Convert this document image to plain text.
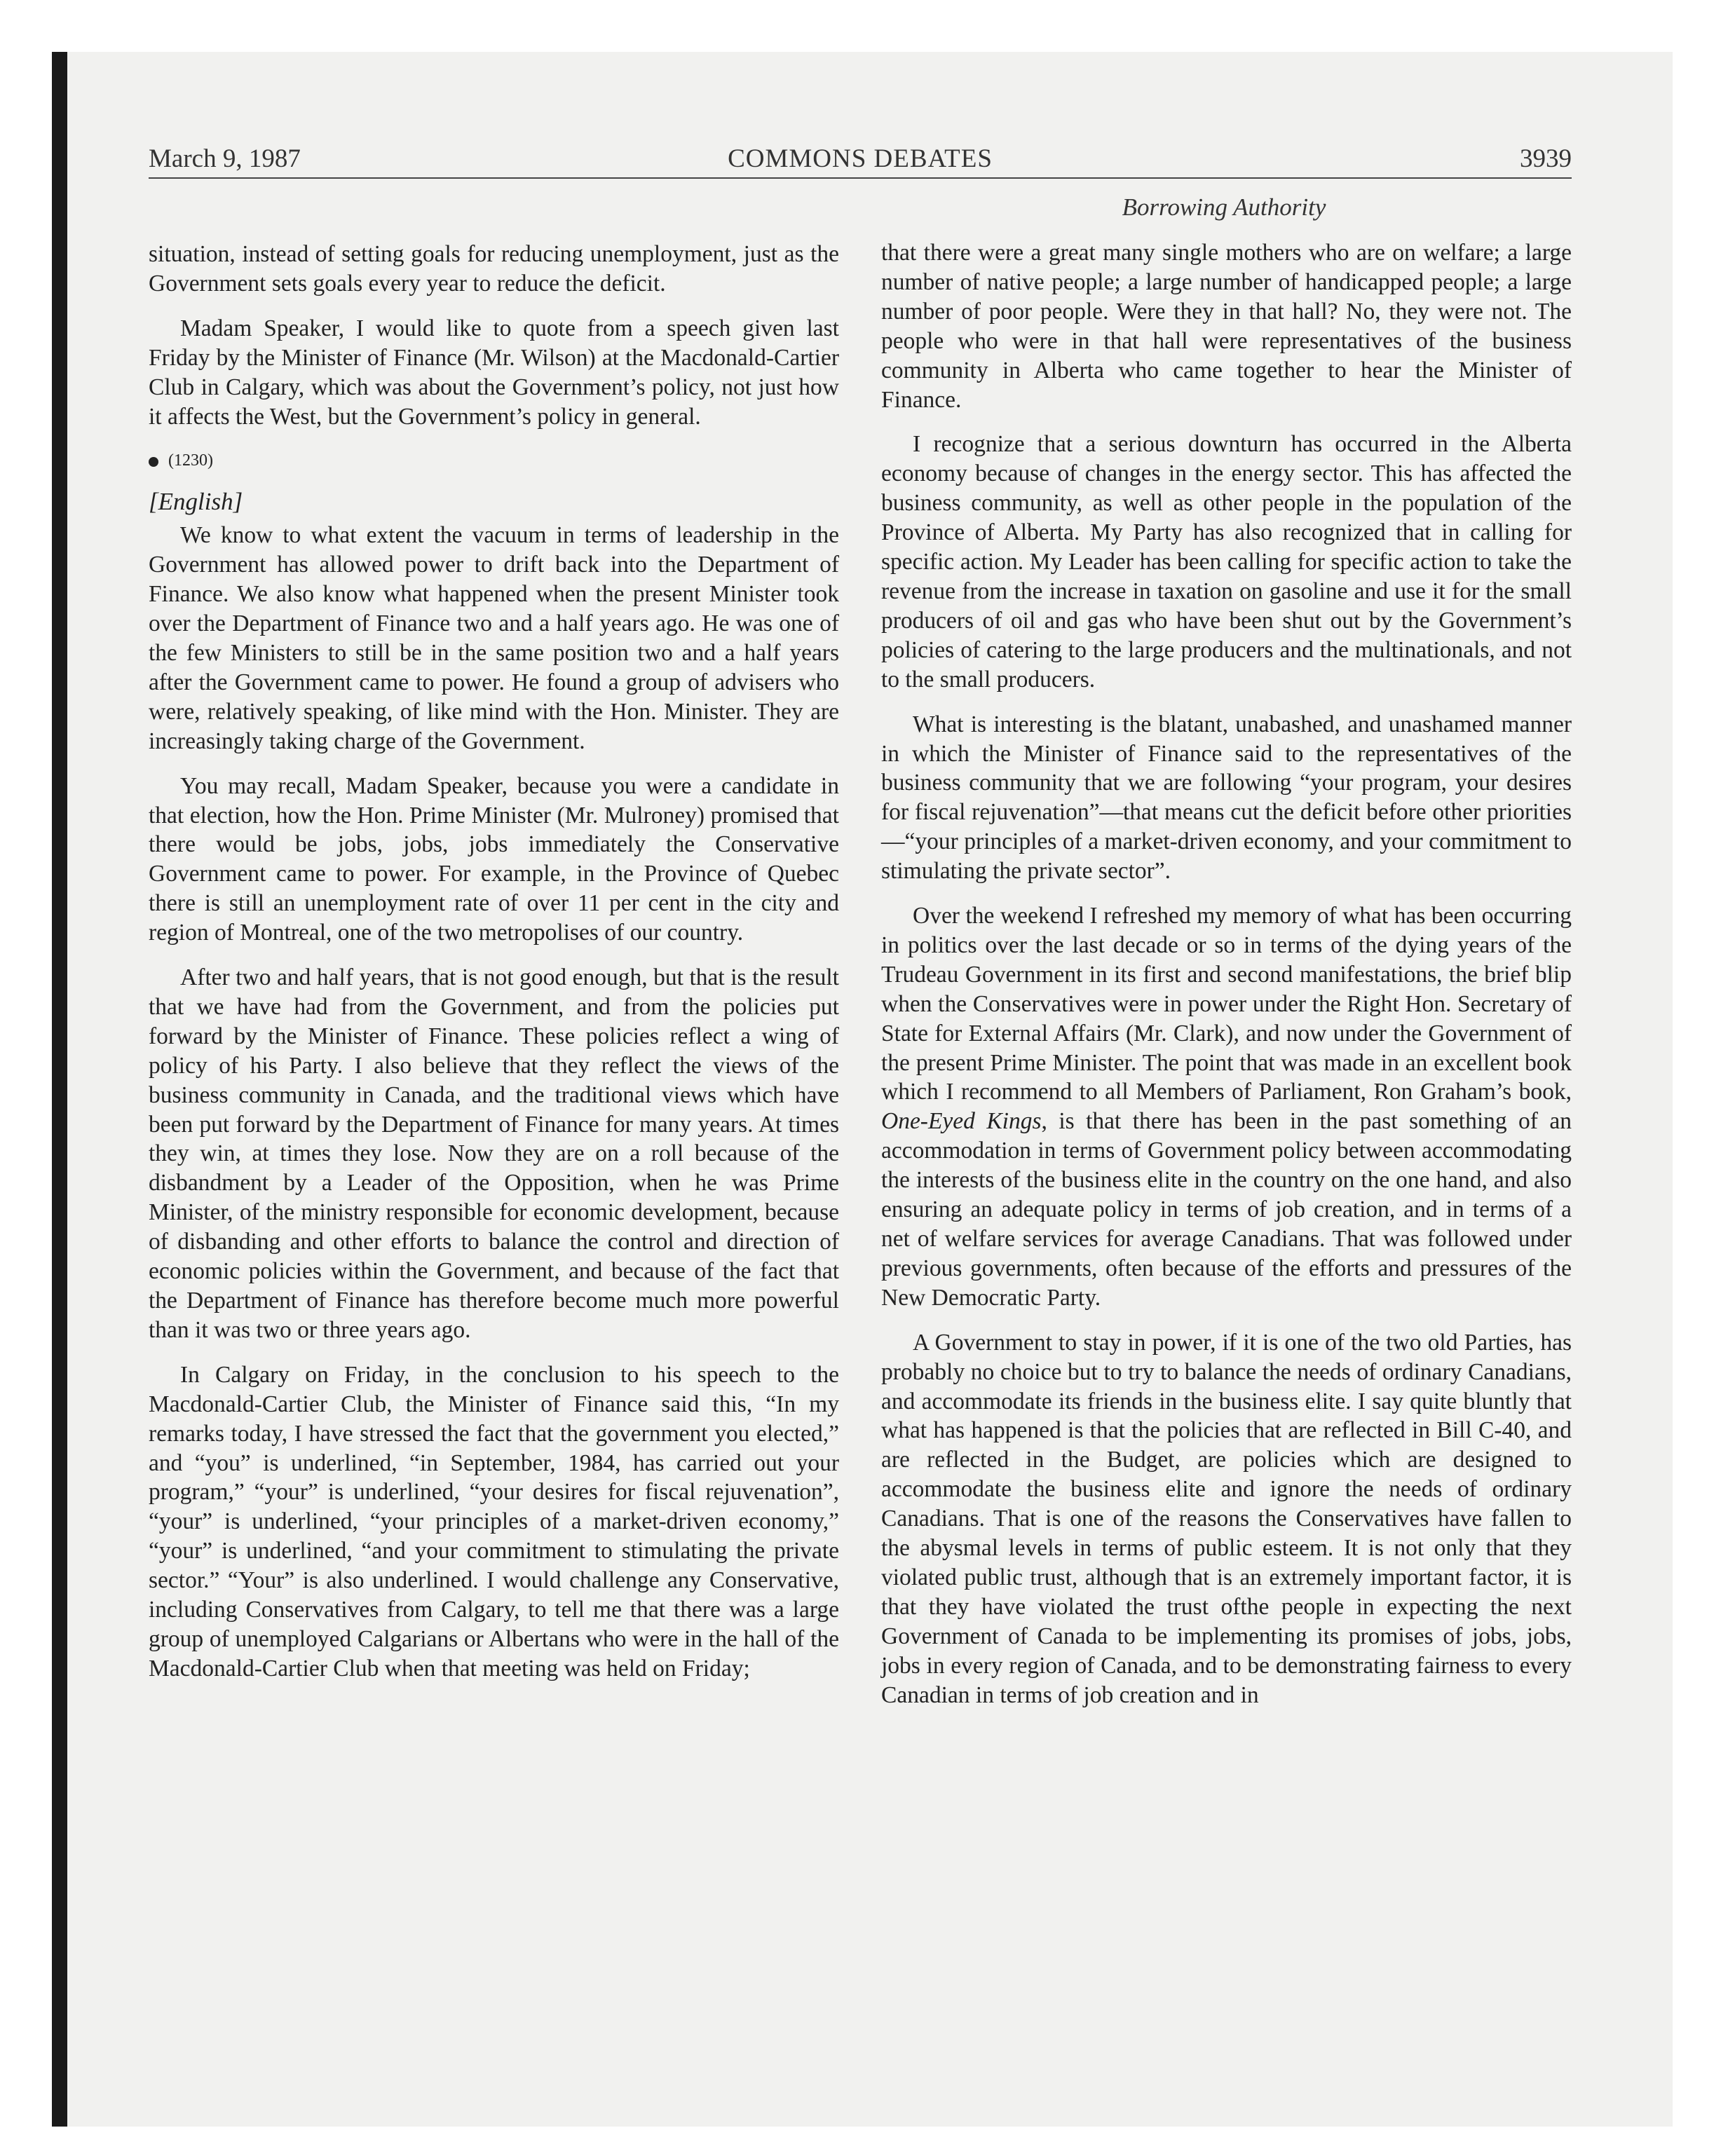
March 9, 1987	COMMONS DEBATES	3939
Borrowing Authority

situation, instead of setting goals for reducing unemployment, just as the Government sets goals every year to reduce the deficit.

Madam Speaker, I would like to quote from a speech given last Friday by the Minister of Finance (Mr. Wilson) at the Macdonald-Cartier Club in Calgary, which was about the Government’s policy, not just how it affects the West, but the Government’s policy in general.

(1230)
[English]

We know to what extent the vacuum in terms of leadership in the Government has allowed power to drift back into the Department of Finance. We also know what happened when the present Minister took over the Department of Finance two and a half years ago. He was one of the few Ministers to still be in the same position two and a half years after the Government came to power. He found a group of advisers who were, relatively speaking, of like mind with the Hon. Minister. They are increasingly taking charge of the Government.

You may recall, Madam Speaker, because you were a candidate in that election, how the Hon. Prime Minister (Mr. Mulroney) promised that there would be jobs, jobs, jobs immediately the Conservative Government came to power. For example, in the Province of Quebec there is still an unemployment rate of over 11 per cent in the city and region of Montreal, one of the two metropolises of our country.

After two and half years, that is not good enough, but that is the result that we have had from the Government, and from the policies put forward by the Minister of Finance. These policies reflect a wing of policy of his Party. I also believe that they reflect the views of the business community in Canada, and the traditional views which have been put forward by the Department of Finance for many years. At times they win, at times they lose. Now they are on a roll because of the disbandment by a Leader of the Opposition, when he was Prime Minister, of the ministry responsible for economic development, because of disbanding and other efforts to balance the control and direction of economic policies within the Government, and because of the fact that the Department of Finance has therefore become much more powerful than it was two or three years ago.

In Calgary on Friday, in the conclusion to his speech to the Macdonald-Cartier Club, the Minister of Finance said this, “In my remarks today, I have stressed the fact that the government you elected,” and “you” is underlined, “in September, 1984, has carried out your program,” “your” is underlined, “your desires for fiscal rejuvenation”, “your” is underlined, “your principles of a market-driven economy,” “your” is underlined, “and your commitment to stimulating the private sector.” “Your” is also underlined. I would challenge any Conservative, including Conservatives from Calgary, to tell me that there was a large group of unemployed Calgarians or Albertans who were in the hall of the Macdonald-Cartier Club when that meeting was held on Friday;

that there were a great many single mothers who are on welfare; a large number of native people; a large number of handicapped people; a large number of poor people. Were they in that hall? No, they were not. The people who were in that hall were representatives of the business community in Alberta who came together to hear the Minister of Finance.

I recognize that a serious downturn has occurred in the Alberta economy because of changes in the energy sector. This has affected the business community, as well as other people in the population of the Province of Alberta. My Party has also recognized that in calling for specific action. My Leader has been calling for specific action to take the revenue from the increase in taxation on gasoline and use it for the small producers of oil and gas who have been shut out by the Government’s policies of catering to the large producers and the multinationals, and not to the small producers.

What is interesting is the blatant, unabashed, and unashamed manner in which the Minister of Finance said to the representatives of the business community that we are following “your program, your desires for fiscal rejuvenation”—that means cut the deficit before other priorities—“your principles of a market-driven economy, and your commitment to stimulating the private sector”.

Over the weekend I refreshed my memory of what has been occurring in politics over the last decade or so in terms of the dying years of the Trudeau Government in its first and second manifestations, the brief blip when the Conservatives were in power under the Right Hon. Secretary of State for External Affairs (Mr. Clark), and now under the Government of the present Prime Minister. The point that was made in an excellent book which I recommend to all Members of Parliament, Ron Graham’s book, One-Eyed Kings, is that there has been in the past something of an accommodation in terms of Government policy between accommodating the interests of the business elite in the country on the one hand, and also ensuring an adequate policy in terms of job creation, and in terms of a net of welfare services for average Canadians. That was followed under previous governments, often because of the efforts and pressures of the New Democratic Party.

A Government to stay in power, if it is one of the two old Parties, has probably no choice but to try to balance the needs of ordinary Canadians, and accommodate its friends in the business elite. I say quite bluntly that what has happened is that the policies that are reflected in Bill C-40, and are reflected in the Budget, are policies which are designed to accommodate the business elite and ignore the needs of ordinary Canadians. That is one of the reasons the Conservatives have fallen to the abysmal levels in terms of public esteem. It is not only that they violated public trust, although that is an extremely important factor, it is that they have violated the trust ofthe people in expecting the next Government of Canada to be implementing its promises of jobs, jobs, jobs in every region of Canada, and to be demonstrating fairness to every Canadian in terms of job creation and in
